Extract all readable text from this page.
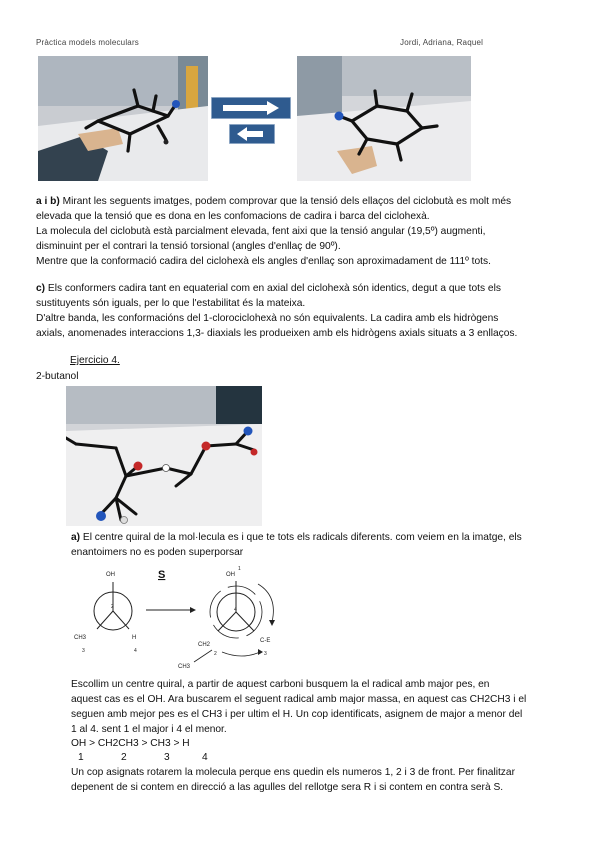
Pràctica models moleculars	Jordi, Adriana, Raquel

a i b) Mirant les seguents imatges, podem comprovar que la tensió dels ellaços del ciclobutà es molt més

elevada que la tensió que es dona en les confomacions de cadira i barca del ciclohexà.

La molecula del ciclobutà està parcialment elevada, fent aixi que la tensió angular (19,5º) augmenti,

disminuint per el contrari la tensió torsional (angles d'enllaç de 90º).

Mentre que la conformació cadira del ciclohexà els angles d'enllaç son aproximadament de 111º tots.

c) Els conformers cadira tant en equaterial com en axial del ciclohexà són identics, degut a que tots els

sustituyents són iguals, per lo que l'estabilitat és la mateixa.

D'altre banda, les conformacións del 1-clorociclohexà no són equivalents. La cadira amb els hidrògens

axials, anomenades interaccions 1,3- diaxials les produeixen amb els hidrògens axials situats a 3 enllaços.

Ejercicio 4.

2-butanol

a) El centre quiral de la mol·lecula es i que te tots els radicals diferents. com veiem en la imatge, els

enantoimers no es poden superporsar

OH
2
CH3	H
3	4
S	OH
1
4
CH2
C-E
2	3
CH3

Escollim un centre quiral, a partir de aquest carboni busquem la el radical amb major pes, en

aquest cas es el OH. Ara buscarem el seguent radical amb major massa, en aquest cas CH2CH3 i el

seguen amb mejor pes es el CH3 i per ultim el H. Un cop identificats, asignem de major a menor del

1 al 4. sent 1 el major i 4 el menor.

OH > CH2CH3 > CH3 > H

1	2	3	4

Un cop asignats rotarem la molecula perque ens quedin els numeros 1, 2 i 3 de front. Per finalitzar

depenent de si contem en direcció a las agulles del rellotge sera R i si contem en contra serà S.
